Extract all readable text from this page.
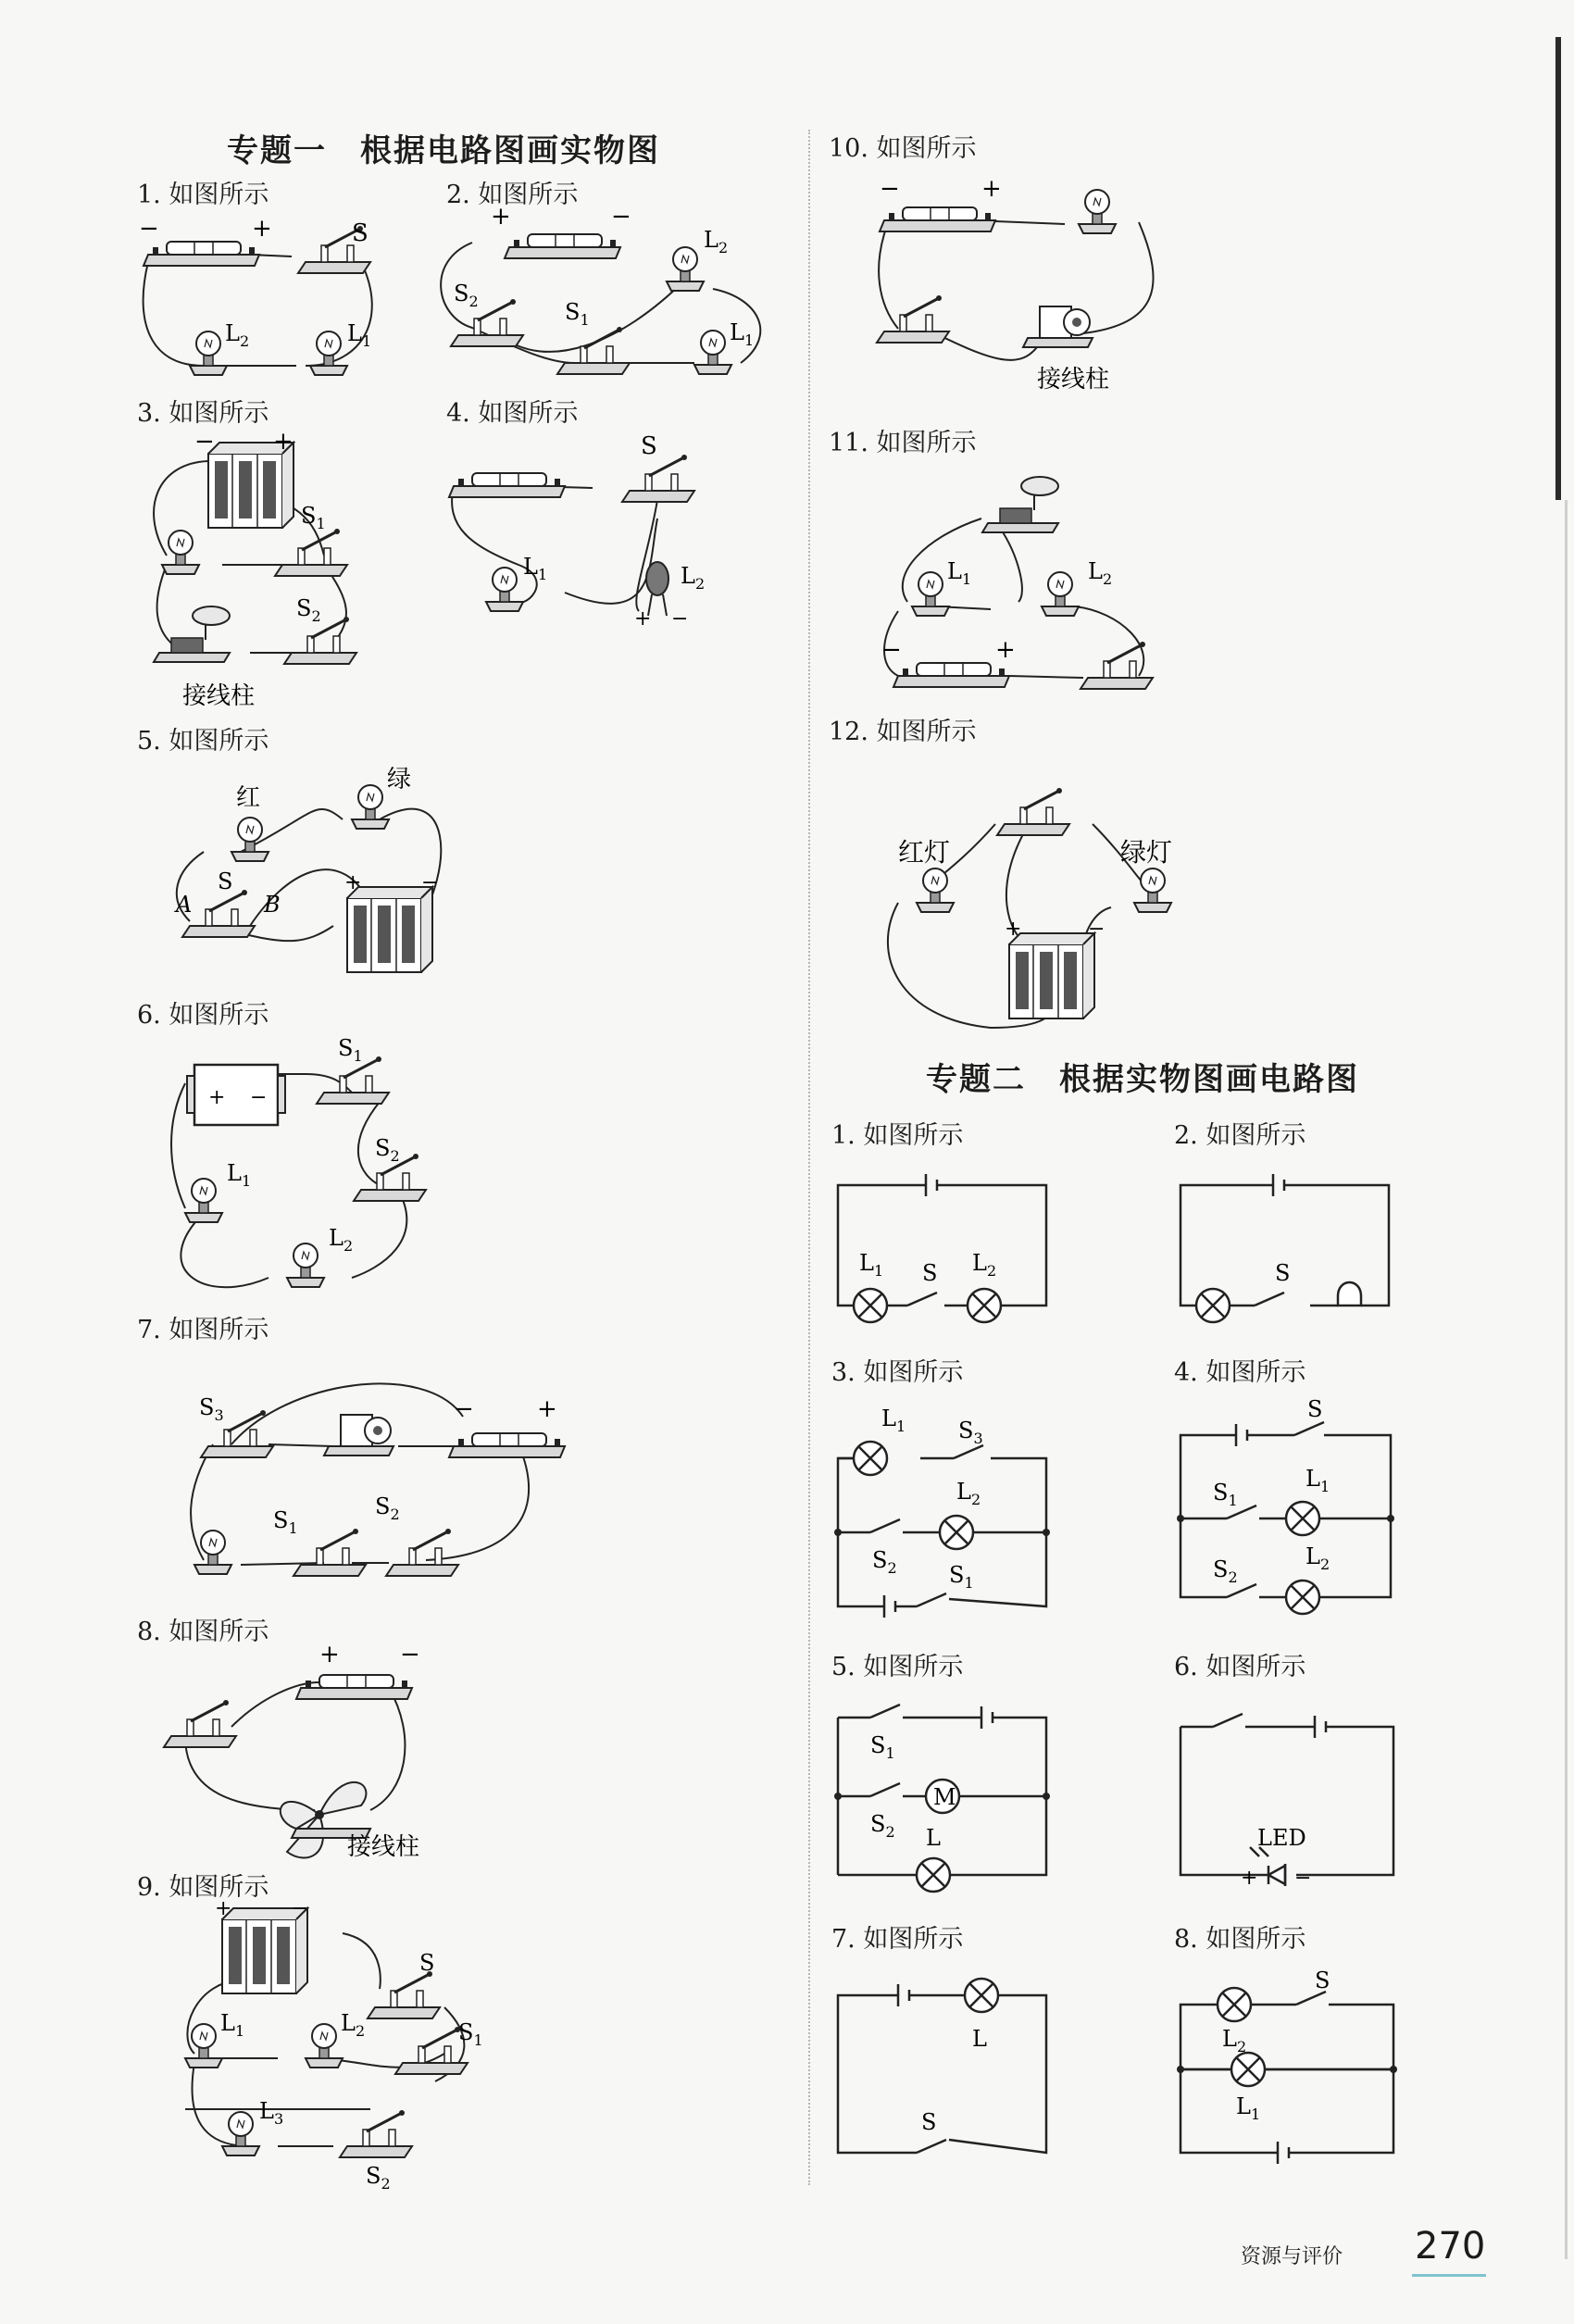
专题一　根据电路图画实物图
专题二　根据实物图画电路图
1. 如图所示	2. 如图所示
3. 如图所示	4. 如图所示
5. 如图所示
6. 如图所示
7. 如图所示
8. 如图所示
9. 如图所示
10. 如图所示
11. 如图所示
12. 如图所示
1. 如图所示	2. 如图所示
3. 如图所示	4. 如图所示
5. 如图所示	6. 如图所示
7. 如图所示	8. 如图所示
−	+	S
$L_2$	$L_1$
+	−
$L_2$
$S_2$	$S_1$	$L_1$
− +
$S_1$
$S_2$
接线柱
S
$L_1$	$L_2$
+ −
红
绿
A
S
B
+	−
+ −
$S_1$
$S_2$
$L_1$
$L_2$
$S_3$	−	+
$S_1$
$S_2$
+	−
接线柱
+	−
S
$L_1$	$L_2$	$S_1$
$L_3$
$S_2$
−	+
接线柱
$L_1$	$L_2$
−	+
红灯	绿灯
+	−
$L_1$ S $L_2$	S
$L_1$ $S_3$
$L_2$
$S_2$ $S_1$
S
$S_1$
$L_1$
$S_2$
$L_2$
M
$S_1$
$S_2$ L	LED
+ −
L
S
S
$L_2$
$L_1$
资源与评价 270
